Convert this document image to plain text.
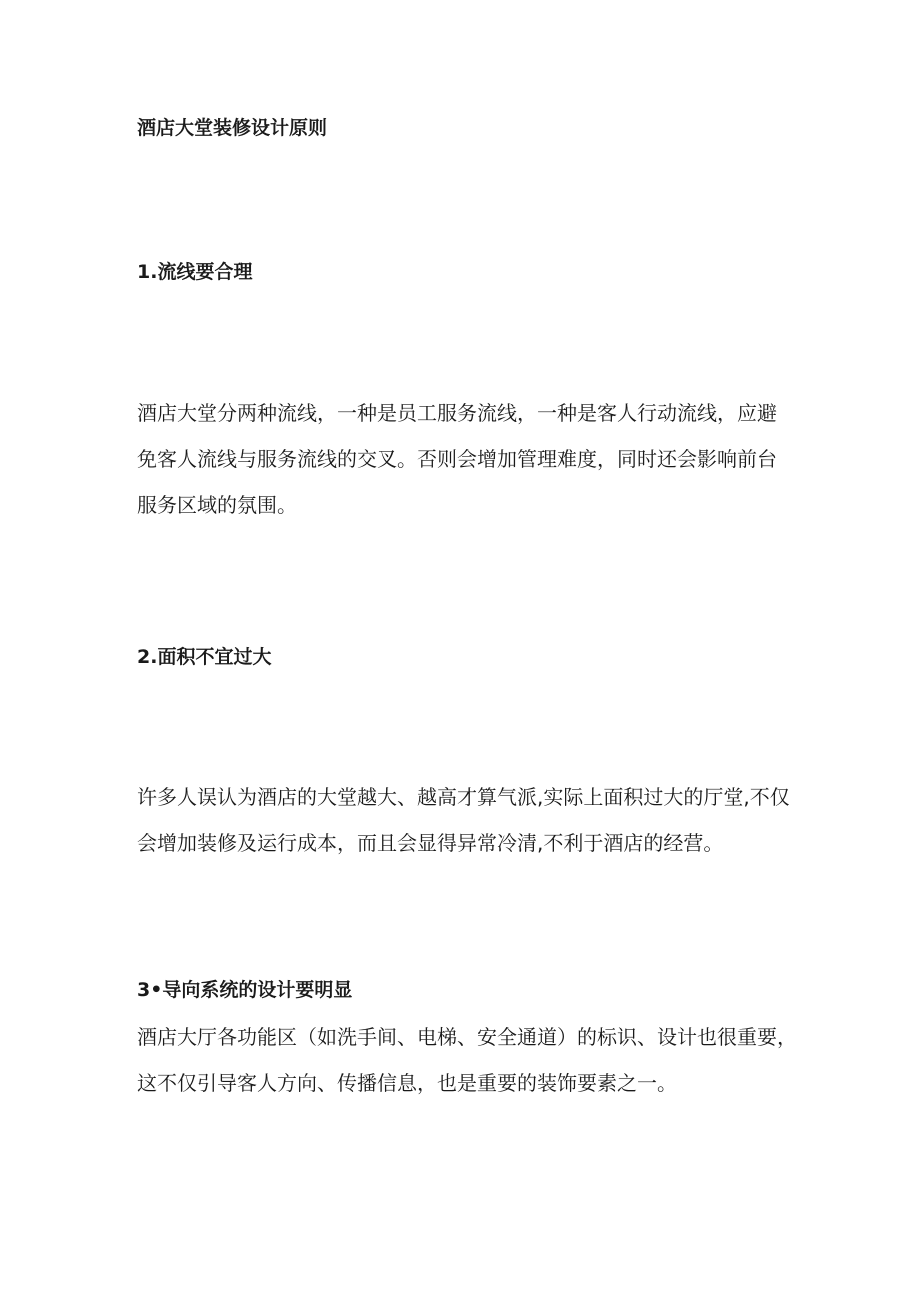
酒店大堂装修设计原则
1.流线要合理

酒店大堂分两种流线，一种是员工服务流线，一种是客人行动流线，应避
免客人流线与服务流线的交叉。否则会增加管理难度，同时还会影响前台
服务区域的氛围。

2.面积不宜过大

许多人误认为酒店的大堂越大、越高才算气派,实际上面积过大的厅堂,不仅
会增加装修及运行成本，而且会显得异常冷清,不利于酒店的经营。

3•导向系统的设计要明显

酒店大厅各功能区（如洗手间、电梯、安全通道）的标识、设计也很重要，
这不仅引导客人方向、传播信息，也是重要的装饰要素之一。
